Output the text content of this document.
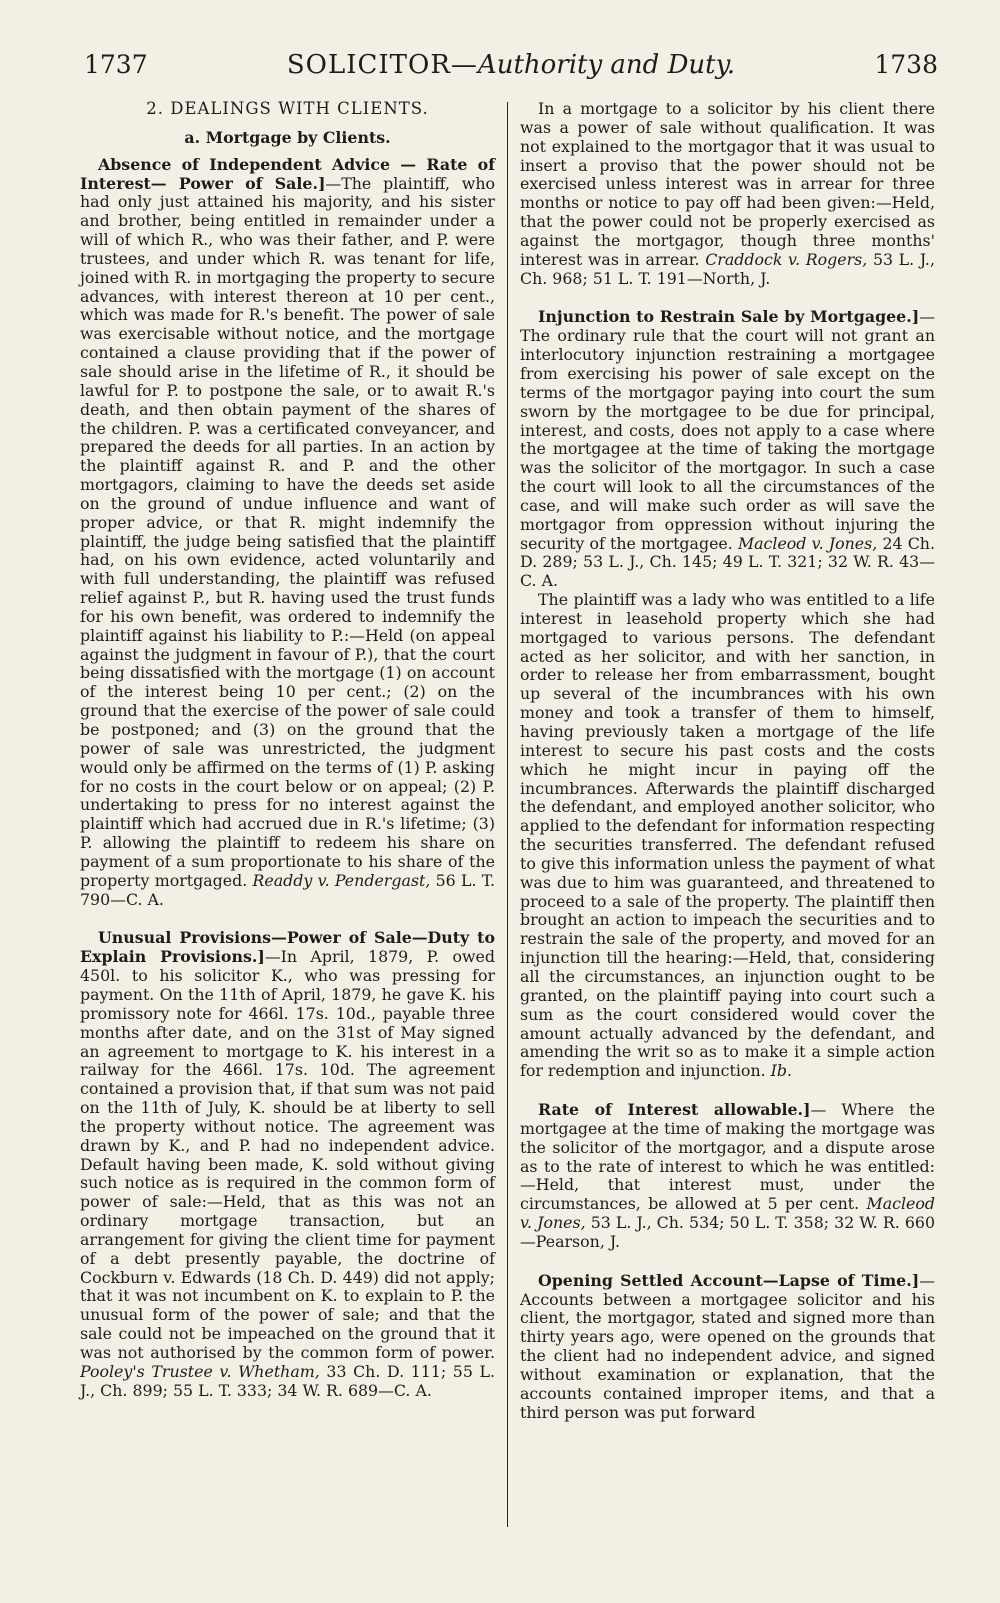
1737	SOLICITOR—Authority and Duty.	1738

2. DEALINGS WITH CLIENTS.

a. Mortgage by Clients.

Absence of Independent Advice — Rate of Interest— Power of Sale.]—The plaintiff, who had only just attained his majority, and his sister and brother, being entitled in remainder under a will of which R., who was their father, and P. were trustees, and under which R. was tenant for life, joined with R. in mortgaging the property to secure advances, with interest thereon at 10 per cent., which was made for R.'s benefit. The power of sale was exercisable without notice, and the mortgage contained a clause providing that if the power of sale should arise in the lifetime of R., it should be lawful for P. to postpone the sale, or to await R.'s death, and then obtain payment of the shares of the children. P. was a certificated conveyancer, and prepared the deeds for all parties. In an action by the plaintiff against R. and P. and the other mortgagors, claiming to have the deeds set aside on the ground of undue influence and want of proper advice, or that R. might indemnify the plaintiff, the judge being satisfied that the plaintiff had, on his own evidence, acted voluntarily and with full understanding, the plaintiff was refused relief against P., but R. having used the trust funds for his own benefit, was ordered to indemnify the plaintiff against his liability to P.:—Held (on appeal against the judgment in favour of P.), that the court being dissatisfied with the mortgage (1) on account of the interest being 10 per cent.; (2) on the ground that the exercise of the power of sale could be postponed; and (3) on the ground that the power of sale was unrestricted, the judgment would only be affirmed on the terms of (1) P. asking for no costs in the court below or on appeal; (2) P. undertaking to press for no interest against the plaintiff which had accrued due in R.'s lifetime; (3) P. allowing the plaintiff to redeem his share on payment of a sum proportionate to his share of the property mortgaged. Readdy v. Pendergast, 56 L. T. 790—C. A.

Unusual Provisions—Power of Sale—Duty to Explain Provisions.]—In April, 1879, P. owed 450l. to his solicitor K., who was pressing for payment. On the 11th of April, 1879, he gave K. his promissory note for 466l. 17s. 10d., payable three months after date, and on the 31st of May signed an agreement to mortgage to K. his interest in a railway for the 466l. 17s. 10d. The agreement contained a provision that, if that sum was not paid on the 11th of July, K. should be at liberty to sell the property without notice. The agreement was drawn by K., and P. had no independent advice. Default having been made, K. sold without giving such notice as is required in the common form of power of sale:—Held, that as this was not an ordinary mortgage transaction, but an arrangement for giving the client time for payment of a debt presently payable, the doctrine of Cockburn v. Edwards (18 Ch. D. 449) did not apply; that it was not incumbent on K. to explain to P. the unusual form of the power of sale; and that the sale could not be impeached on the ground that it was not authorised by the common form of power. Pooley's Trustee v. Whetham, 33 Ch. D. 111; 55 L. J., Ch. 899; 55 L. T. 333; 34 W. R. 689—C. A.

In a mortgage to a solicitor by his client there was a power of sale without qualification. It was not explained to the mortgagor that it was usual to insert a proviso that the power should not be exercised unless interest was in arrear for three months or notice to pay off had been given:—Held, that the power could not be properly exercised as against the mortgagor, though three months' interest was in arrear. Craddock v. Rogers, 53 L. J., Ch. 968; 51 L. T. 191—North, J.

Injunction to Restrain Sale by Mortgagee.]—The ordinary rule that the court will not grant an interlocutory injunction restraining a mortgagee from exercising his power of sale except on the terms of the mortgagor paying into court the sum sworn by the mortgagee to be due for principal, interest, and costs, does not apply to a case where the mortgagee at the time of taking the mortgage was the solicitor of the mortgagor. In such a case the court will look to all the circumstances of the case, and will make such order as will save the mortgagor from oppression without injuring the security of the mortgagee. Macleod v. Jones, 24 Ch. D. 289; 53 L. J., Ch. 145; 49 L. T. 321; 32 W. R. 43—C. A.

The plaintiff was a lady who was entitled to a life interest in leasehold property which she had mortgaged to various persons. The defendant acted as her solicitor, and with her sanction, in order to release her from embarrassment, bought up several of the incumbrances with his own money and took a transfer of them to himself, having previously taken a mortgage of the life interest to secure his past costs and the costs which he might incur in paying off the incumbrances. Afterwards the plaintiff discharged the defendant, and employed another solicitor, who applied to the defendant for information respecting the securities transferred. The defendant refused to give this information unless the payment of what was due to him was guaranteed, and threatened to proceed to a sale of the property. The plaintiff then brought an action to impeach the securities and to restrain the sale of the property, and moved for an injunction till the hearing:—Held, that, considering all the circumstances, an injunction ought to be granted, on the plaintiff paying into court such a sum as the court considered would cover the amount actually advanced by the defendant, and amending the writ so as to make it a simple action for redemption and injunction. Ib.

Rate of Interest allowable.]— Where the mortgagee at the time of making the mortgage was the solicitor of the mortgagor, and a dispute arose as to the rate of interest to which he was entitled:—Held, that interest must, under the circumstances, be allowed at 5 per cent. Macleod v. Jones, 53 L. J., Ch. 534; 50 L. T. 358; 32 W. R. 660—Pearson, J.

Opening Settled Account—Lapse of Time.]—Accounts between a mortgagee solicitor and his client, the mortgagor, stated and signed more than thirty years ago, were opened on the grounds that the client had no independent advice, and signed without examination or explanation, that the accounts contained improper items, and that a third person was put forward
